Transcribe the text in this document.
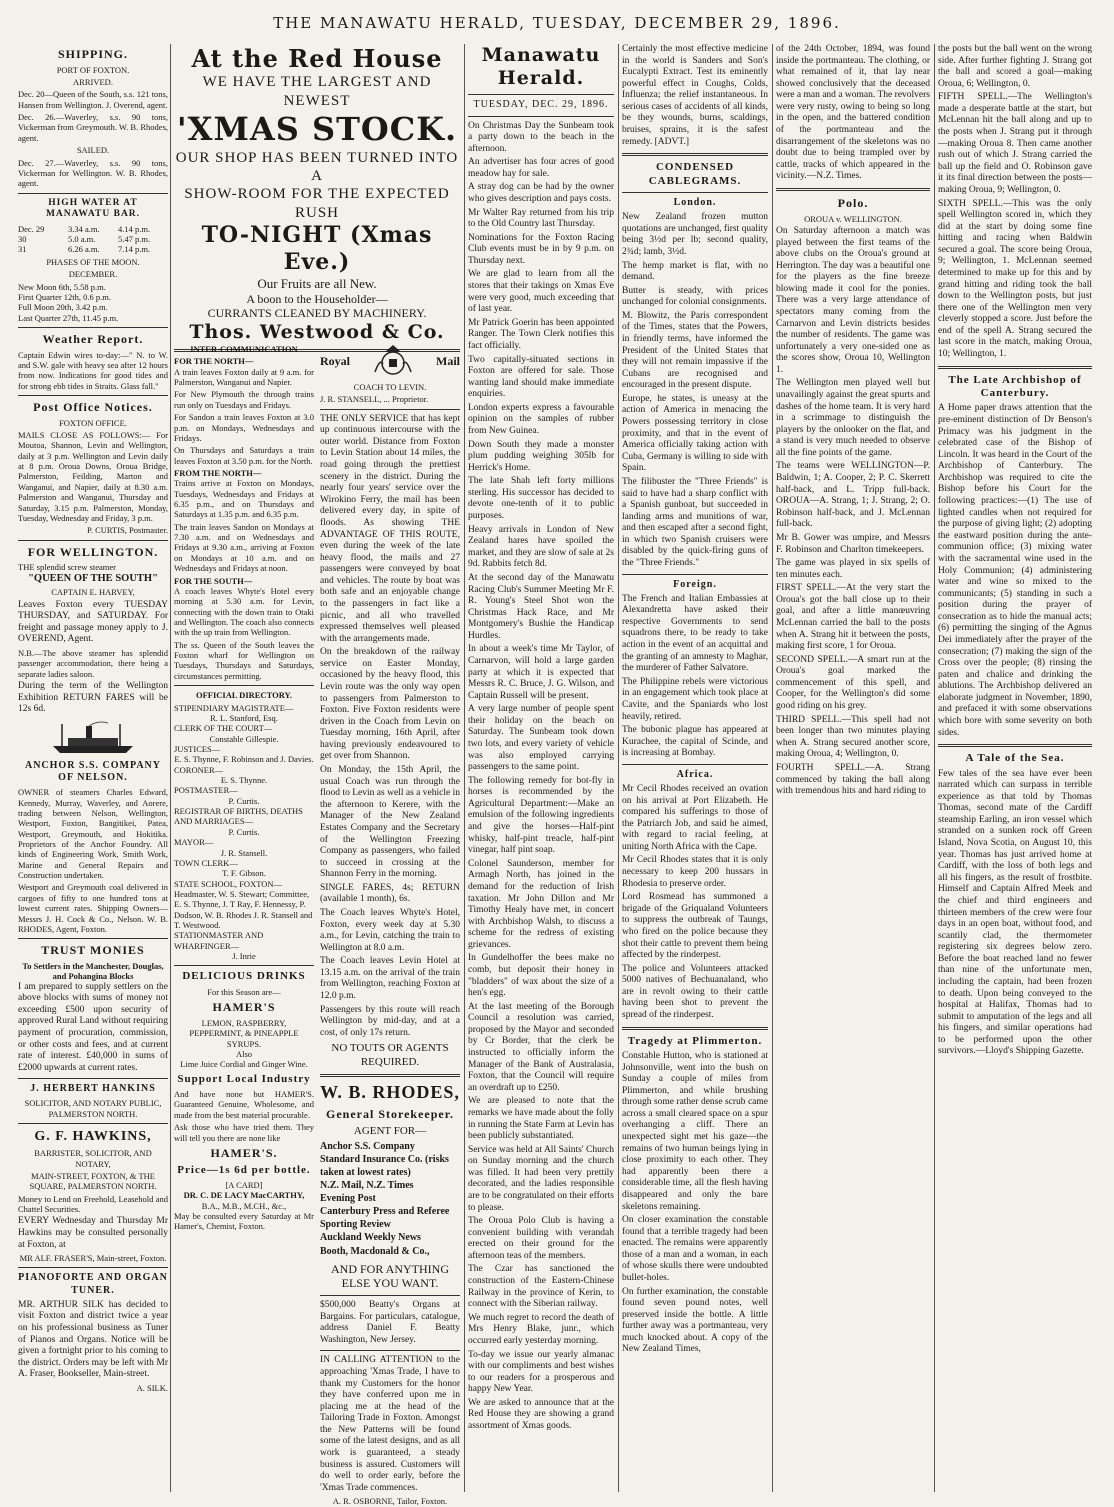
THE MANAWATU HERALD, TUESDAY, DECEMBER 29, 1896.
SHIPPING.
PORT OF FOXTON.
ARRIVED.

Dec. 20—Queen of the South, s.s. 121 tons, Hansen from Wellington. J. Overend, agent.

Dec. 26.—Waverley, s.s. 90 tons, Vickerman from Greymouth. W. B. Rhodes, agent.

SAILED.

Dec. 27.—Waverley, s.s. 90 tons, Vickerman for Wellington. W. B. Rhodes, agent.

HIGH WATER AT MANAWATU BAR.
Dec. 29	3.34 a.m.	4.14 p.m.
30	5.0 a.m.	5.47 p.m.
31	6.26 a.m.	7.14 p.m.
PHASES OF THE MOON.
DECEMBER.
New Moon 6th, 5.58 p.m.
First Quarter 12th, 0.6 p.m.
Full Moon 20th, 3.42 p.m.
Last Quarter 27th, 11.45 p.m.
Weather Report.

Captain Edwin wires to-day:—" N. to W. and S.W. gale with heavy sea after 12 hours from now. Indications for good tides and for strong ebb tides in Straits. Glass fall."

Post Office Notices.
FOXTON OFFICE.

MAILS CLOSE AS FOLLOWS:— For Moutoa, Shannon, Levin and Wellington, daily at 3 p.m. Wellington and Levin daily at 8 p.m. Oroua Downs, Oroua Bridge, Palmerston, Feilding, Marton and Wanganui, and Napier, daily at 8.30 a.m. Palmerston and Wanganui, Thursday and Saturday, 3.15 p.m. Palmerston, Monday, Tuesday, Wednesday and Friday, 3 p.m.

P. CURTIS, Postmaster.
FOR WELLINGTON.
THE splendid screw steamer
"QUEEN OF THE SOUTH"
CAPTAIN E. HARVEY,

Leaves Foxton every TUESDAY THURSDAY, and SATURDAY. For freight and passage money apply to J. OVEREND, Agent.

N.B.—The above steamer has splendid passenger accommodation, there being a separate ladies saloon.

During the term of the Wellington Exhibition RETURN FARES will be 12s 6d.

ANCHOR S.S. COMPANY OF NELSON.

OWNER of steamers Charles Edward, Kennedy, Murray, Waverley, and Aorere, trading between Nelson, Wellington, Westport, Foxton, Bangitikei, Patea, Westport, Greymouth, and Hokitika. Proprietors of the Anchor Foundry. All kinds of Engineering Work, Smith Work, Marine and General Repairs and Construction undertaken.

Westport and Greymouth coal delivered in cargoes of fifty to one hundred tons at lowest current rates. Shipping Owners—Messrs J. H. Cock & Co., Nelson. W. B. RHODES, Agent, Foxton.

TRUST MONIES
To Settlers in the Manchester, Douglas, and Pohangina Blocks

I am prepared to supply settlers on the above blocks with sums of money not exceeding £500 upon security of approved Rural Land without requiring payment of procuration, commission, or other costs and fees, and at current rate of interest. £40,000 in sums of £2000 upwards at current rates.

J. HERBERT HANKINS
SOLICITOR, AND NOTARY PUBLIC, PALMERSTON NORTH.
G. F. HAWKINS,
BARRISTER, SOLICITOR, AND NOTARY,
MAIN-STREET, FOXTON, & THE SQUARE, PALMERSTON NORTH.

Money to Lend on Freehold, Leasehold and Chattel Securities.

EVERY Wednesday and Thursday Mr Hawkins may be consulted personally at Foxton, at

MR ALF. FRASER'S, Main-street, Foxton.
PIANOFORTE AND ORGAN TUNER.

MR. ARTHUR SILK has decided to visit Foxton and district twice a year on his professional business as Tuner of Pianos and Organs. Notice will be given a fortnight prior to his coming to the district. Orders may be left with Mr A. Fraser, Bookseller, Main-street.

A. SILK.
At the Red House
WE HAVE THE LARGEST AND NEWEST
'XMAS STOCK.
OUR SHOP HAS BEEN TURNED INTO A
SHOW-ROOM FOR THE EXPECTED RUSH
TO-NIGHT (Xmas Eve.)
Our Fruits are all New.
A boon to the Householder—
CURRANTS CLEANED BY MACHINERY.
Thos. Westwood & Co.
INTER-COMMUNICATION
FOR THE NORTH—

A train leaves Foxton daily at 9 a.m. for Palmerston, Wanganui and Napier.

For New Plymouth the through trains run only on Tuesdays and Fridays.

For Sandon a train leaves Foxton at 3.0 p.m. on Mondays, Wednesdays and Fridays.

On Thursdays and Saturdays a train leaves Foxton at 3.50 p.m. for the North.

FROM THE NORTH—

Trains arrive at Foxton on Mondays, Tuesdays, Wednesdays and Fridays at 6.35 p.m., and on Thursdays and Saturdays at 1.35 p.m. and 6.35 p.m.

The train leaves Sandon on Mondays at 7.30 a.m. and on Wednesdays and Fridays at 9.30 a.m., arriving at Foxton on Mondays at 10 a.m. and on Wednesdays and Fridays at noon.

FOR THE SOUTH—

A coach leaves Whyte's Hotel every morning at 5.30 a.m. for Levin, connecting with the down train to Otaki and Wellington. The coach also connects with the up train from Wellington.

The ss. Queen of the South leaves the Foxton wharf for Wellington on Tuesdays, Thursdays and Saturdays, circumstances permitting.

OFFICIAL DIRECTORY.
STIPENDIARY MAGISTRATE—
R. L. Stanford, Esq.
CLERK OF THE COURT—
Constable Gillespie.
JUSTICES—
E. S. Thynne, F. Robinson and J. Davies.
CORONER—
E. S. Thynne.
POSTMASTER—
P. Curtis.
REGISTRAR OF BIRTHS, DEATHS AND MARRIAGES—
P. Curtis.
MAYOR—
J. R. Stansell.
TOWN CLERK—
T. F. Gibson.
STATE SCHOOL, FOXTON—
Headmaster, W. S. Stewart; Committee, E. S. Thynne, J. T Ray, F. Hennessy, P. Dodson, W. B. Rhodes J. R. Stansell and T. Westwood.
STATIONMASTER AND WHARFINGER—
J. Inrie
DELICIOUS DRINKS
For this Season are—
HAMER'S
LEMON, RASPBERRY, PEPPERMINT, & PINEAPPLE SYRUPS.
Also
Lime Juice Cordial and Ginger Wine.
Support Local Industry

And have none but HAMER'S. Guaranteed Genuine, Wholesome, and made from the best material procurable.

Ask those who have tried them. They will tell you there are none like

HAMER'S.
Price—1s 6d per bottle.
[A CARD]
DR. C. DE LACY MacCARTHY,
B.A., M.B., M.CH., &c.,

May be consulted every Saturday at Mr Hamer's, Chemist, Foxton.

Royal	Mail
COACH TO LEVIN.
J. R. STANSELL, ... Proprietor.

THE ONLY SERVICE that has kept up continuous intercourse with the outer world. Distance from Foxton to Levin Station about 14 miles, the road going through the prettiest scenery in the district. During the nearly four years' service over the Wirokino Ferry, the mail has been delivered every day, in spite of floods. As showing THE ADVANTAGE OF THIS ROUTE, even during the week of the late heavy flood, the mails and 27 passengers were conveyed by boat and vehicles. The route by boat was both safe and an enjoyable change to the passengers in fact like a picnic, and all who travelled expressed themselves well pleased with the arrangements made.

On the breakdown of the railway service on Easter Monday, occasioned by the heavy flood, this Levin route was the only way open to passengers from Palmerston to Foxton. Five Foxton residents were driven in the Coach from Levin on Tuesday morning, 16th April, after having previously endeavoured to get over from Shannon.

On Monday, the 15th April, the usual Coach was run through the flood to Levin as well as a vehicle in the afternoon to Kerere, with the Manager of the New Zealand Estates Company and the Secretary of the Wellington Freezing Company as passengers, who failed to succeed in crossing at the Shannon Ferry in the morning.

SINGLE FARES, 4s; RETURN (available 1 month), 6s.

The Coach leaves Whyte's Hotel, Foxton, every week day at 5.30 a.m., for Levin, catching the train to Wellington at 8.0 a.m.

The Coach leaves Levin Hotel at 13.15 a.m. on the arrival of the train from Wellington, reaching Foxton at 12.0 p.m.

Passengers by this route will reach Wellington by mid-day, and at a cost, of only 17s return.

NO TOUTS OR AGENTS REQUIRED.
W. B. RHODES,
General Storekeeper.
AGENT FOR—
Anchor S.S. Company
Standard Insurance Co. (risks taken at lowest rates)
N.Z. Mail, N.Z. Times
Evening Post
Canterbury Press and Referee
Sporting Review
Auckland Weekly News
Booth, Macdonald & Co.,
AND FOR ANYTHING ELSE YOU WANT.

$500,000 Beatty's Organs at Bargains. For particulars, catalogue, address Daniel F. Beatty Washington, New Jersey.

IN CALLING ATTENTION to the approaching 'Xmas Trade, I have to thank my Customers for the honor they have conferred upon me in placing me at the head of the Tailoring Trade in Foxton. Amongst the New Patterns will be found some of the latest designs, and as all work is guaranteed, a steady business is assured. Customers will do well to order early, before the 'Xmas Trade commences.

A. R. OSBORNE, Tailor, Foxton.
Manawatu Herald.
TUESDAY, DEC. 29, 1896.

On Christmas Day the Sunbeam took a party down to the beach in the afternoon.

An advertiser has four acres of good meadow hay for sale.

A stray dog can be had by the owner who gives description and pays costs.

Mr Walter Ray returned from his trip to the Old Country last Thursday.

Nominations for the Foxton Racing Club events must be in by 9 p.m. on Thursday next.

We are glad to learn from all the stores that their takings on Xmas Eve were very good, much exceeding that of last year.

Mr Patrick Goerin has been appointed Ranger. The Town Clerk notifies this fact officially.

Two capitally-situated sections in Foxton are offered for sale. Those wanting land should make immediate enquiries.

London experts express a favourable opinion on the samples of rubber from New Guinea.

Down South they made a monster plum pudding weighing 305lb for Herrick's Home.

The late Shah left forty millions sterling. His successor has decided to devote one-tenth of it to public purposes.

Heavy arrivals in London of New Zealand hares have spoiled the market, and they are slow of sale at 2s 9d. Rabbits fetch 8d.

At the second day of the Manawatu Racing Club's Summer Meeting Mr F. R. Young's Steel Shot won the Christmas Hack Race, and Mr Montgomery's Bushie the Handicap Hurdles.

In about a week's time Mr Taylor, of Carnarvon, will hold a large garden party at which it is expected that Messrs R. C. Bruce, J. G. Wilson, and Captain Russell will be present.

A very large number of people spent their holiday on the beach on Saturday. The Sunbeam took down two lots, and every variety of vehicle was also employed carrying passengers to the same point.

The following remedy for bot-fly in horses is recommended by the Agricultural Department:—Make an emulsion of the following ingredients and give the horses—Half-pint whisky, half-pint treacle, half-pint vinegar, half pint soap.

Colonel Saunderson, member for Armagh North, has joined in the demand for the reduction of Irish taxation. Mr John Dillon and Mr Timothy Healy have met, in concert with Archbishop Walsh, to discuss a scheme for the redress of existing grievances.

In Gundelhoffer the bees make no comb, but deposit their honey in "bladders" of wax about the size of a hen's egg.

At the last meeting of the Borough Council a resolution was carried, proposed by the Mayor and seconded by Cr Border, that the clerk be instructed to officially inform the Manager of the Bank of Australasia, Foxton, that the Council will require an overdraft up to £250.

We are pleased to note that the remarks we have made about the folly in running the State Farm at Levin has been publicly substantiated.

Service was held at All Saints' Church on Sunday morning and the church was filled. It had been very prettily decorated, and the ladies responsible are to be congratulated on their efforts to please.

The Oroua Polo Club is having a convenient building with verandah erected on their ground for the afternoon teas of the members.

The Czar has sanctioned the construction of the Eastern-Chinese Railway in the province of Kerin, to connect with the Siberian railway.

We much regret to record the death of Mrs Henry Blake, junr., which occurred early yesterday morning.

To-day we issue our yearly almanac with our compliments and best wishes to our readers for a prosperous and happy New Year.

We are asked to announce that at the Red House they are showing a grand assortment of Xmas goods.

Certainly the most effective medicine in the world is Sanders and Son's Eucalypti Extract. Test its eminently powerful effect in Coughs, Colds, Influenza; the relief instantaneous. In serious cases of accidents of all kinds, be they wounds, burns, scaldings, bruises, sprains, it is the safest remedy. [ADVT.]

CONDENSED CABLEGRAMS.
London.

New Zealand frozen mutton quotations are unchanged, first quality being 3½d per lb; second quality, 2¾d; lamb, 3½d.

The hemp market is flat, with no demand.

Butter is steady, with prices unchanged for colonial consignments.

M. Blowitz, the Paris correspondent of the Times, states that the Powers, in friendly terms, have informed the President of the United States that they will not remain impassive if the Cubans are recognised and encouraged in the present dispute.

Europe, he states, is uneasy at the action of America in menacing the Powers possessing territory in close proximity, and that in the event of America officially taking action with Cuba, Germany is willing to side with Spain.

The filibuster the "Three Friends" is said to have had a sharp conflict with a Spanish gunboat, but succeeded in landing arms and munitions of war, and then escaped after a second fight, in which two Spanish cruisers were disabled by the quick-firing guns of the "Three Friends."

Foreign.

The French and Italian Embassies at Alexandretta have asked their respective Governments to send squadrons there, to be ready to take action in the event of an acquittal and the granting of an amnesty to Maghar, the murderer of Father Salvatore.

The Philippine rebels were victorious in an engagement which took place at Cavite, and the Spaniards who lost heavily, retired.

The bubonic plague has appeared at Kurachee, the capital of Scinde, and is increasing at Bombay.

Africa.

Mr Cecil Rhodes received an ovation on his arrival at Port Elizabeth. He compared his sufferings to those of the Patriarch Job, and said he aimed, with regard to racial feeling, at uniting North Africa with the Cape.

Mr Cecil Rhodes states that it is only necessary to keep 200 hussars in Rhodesia to preserve order.

Lord Rosmead has summoned a brigade of the Griqualand Volunteers to suppress the outbreak of Taungs, who fired on the police because they shot their cattle to prevent them being affected by the rinderpest.

The police and Volunteers attacked 5000 natives of Bechuanaland, who are in revolt owing to their cattle having been shot to prevent the spread of the rinderpest.

Tragedy at Plimmerton.

Constable Hutton, who is stationed at Johnsonville, went into the bush on Sunday a couple of miles from Plimmerton, and while brushing through some rather dense scrub came across a small cleared space on a spur overhanging a cliff. There an unexpected sight met his gaze—the remains of two human beings lying in close proximity to each other. They had apparently been there a considerable time, all the flesh having disappeared and only the bare skeletons remaining.

On closer examination the constable found that a terrible tragedy had been enacted. The remains were apparently those of a man and a woman, in each of whose skulls there were undoubted bullet-holes.

On further examination, the constable found seven pound notes, well preserved inside the bottle. A little further away was a portmanteau, very much knocked about. A copy of the New Zealand Times,

of the 24th October, 1894, was found inside the portmanteau. The clothing, or what remained of it, that lay near showed conclusively that the deceased were a man and a woman. The revolvers were very rusty, owing to being so long in the open, and the battered condition of the portmanteau and the disarrangement of the skeletons was no doubt due to being trampled over by cattle, tracks of which appeared in the vicinity.—N.Z. Times.

Polo.
OROUA v. WELLINGTON.

On Saturday afternoon a match was played between the first teams of the above clubs on the Oroua's ground at Herrington. The day was a beautiful one for the players as the fine breeze blowing made it cool for the ponies. There was a very large attendance of spectators many coming from the Carnarvon and Levin districts besides the number of residents. The game was unfortunately a very one-sided one as the scores show, Oroua 10, Wellington 1.

The Wellington men played well but unavailingly against the great spurts and dashes of the home team. It is very hard in a scrimmage to distinguish the players by the onlooker on the flat, and a stand is very much needed to observe all the fine points of the game.

The teams were WELLINGTON—P. Baldwin, 1; A. Cooper, 2; P. C. Skerrett half-back, and L. Tripp full-back. OROUA—A. Strang, 1; J. Strang, 2; O. Robinson half-back, and J. McLennan full-back.

Mr B. Gower was umpire, and Messrs F. Robinson and Charlton timekeepers.

The game was played in six spells of ten minutes each.

FIRST SPELL.—At the very start the Oroua's got the ball close up to their goal, and after a little manœuvring McLennan carried the ball to the posts when A. Strang hit it between the posts, making first score, 1 for Oroua.

SECOND SPELL.—A smart run at the Oroua's goal marked the commencement of this spell, and Cooper, for the Wellington's did some good riding on his grey.

THIRD SPELL.—This spell had not been longer than two minutes playing when A. Strang secured another score, making Oroua, 4; Wellington, 0.

FOURTH SPELL.—A. Strang commenced by taking the ball along with tremendous hits and hard riding to

the posts but the ball went on the wrong side. After further fighting J. Strang got the ball and scored a goal—making Oroua, 6; Wellington, 0.

FIFTH SPELL.—The Wellington's made a desperate battle at the start, but McLennan hit the ball along and up to the posts when J. Strang put it through—making Oroua 8. Then came another rush out of which J. Strang carried the ball up the field and O. Robinson gave it its final direction between the posts—making Oroua, 9; Wellington, 0.

SIXTH SPELL.—This was the only spell Wellington scored in, which they did at the start by doing some fine hitting and racing when Baldwin secured a goal. The score being Oroua, 9; Wellington, 1. McLennan seemed determined to make up for this and by grand hitting and riding took the ball down to the Wellington posts, but just there one of the Wellington men very cleverly stopped a score. Just before the end of the spell A. Strang secured the last score in the match, making Oroua, 10; Wellington, 1.

The Late Archbishop of Canterbury.

A Home paper draws attention that the pre-eminent distinction of Dr Benson's Primacy was his judgment in the celebrated case of the Bishop of Lincoln. It was heard in the Court of the Archbishop of Canterbury. The Archbishop was required to cite the Bishop before his Court for the following practices:—(1) The use of lighted candles when not required for the purpose of giving light; (2) adopting the eastward position during the ante-communion office; (3) mixing water with the sacramental wine used in the Holy Communion; (4) administering water and wine so mixed to the communicants; (5) standing in such a position during the prayer of consecration as to hide the manual acts; (6) permitting the singing of the Agnus Dei immediately after the prayer of the consecration; (7) making the sign of the Cross over the people; (8) rinsing the paten and chalice and drinking the ablutions. The Archbishop delivered an elaborate judgment in November, 1890, and prefaced it with some observations which bore with some severity on both sides.

A Tale of the Sea.

Few tales of the sea have ever been narrated which can surpass in terrible experience as that told by Thomas Thomas, second mate of the Cardiff steamship Earling, an iron vessel which stranded on a sunken rock off Green Island, Nova Scotia, on August 10, this year. Thomas has just arrived home at Cardiff, with the loss of both legs and all his fingers, as the result of frostbite. Himself and Captain Alfred Meek and the chief and third engineers and thirteen members of the crew were four days in an open boat, without food, and scantily clad, the thermometer registering six degrees below zero. Before the boat reached land no fewer than nine of the unfortunate men, including the captain, had been frozen to death. Upon being conveyed to the hospital at Halifax, Thomas had to submit to amputation of the legs and all his fingers, and similar operations had to be performed upon the other survivors.—Lloyd's Shipping Gazette.
